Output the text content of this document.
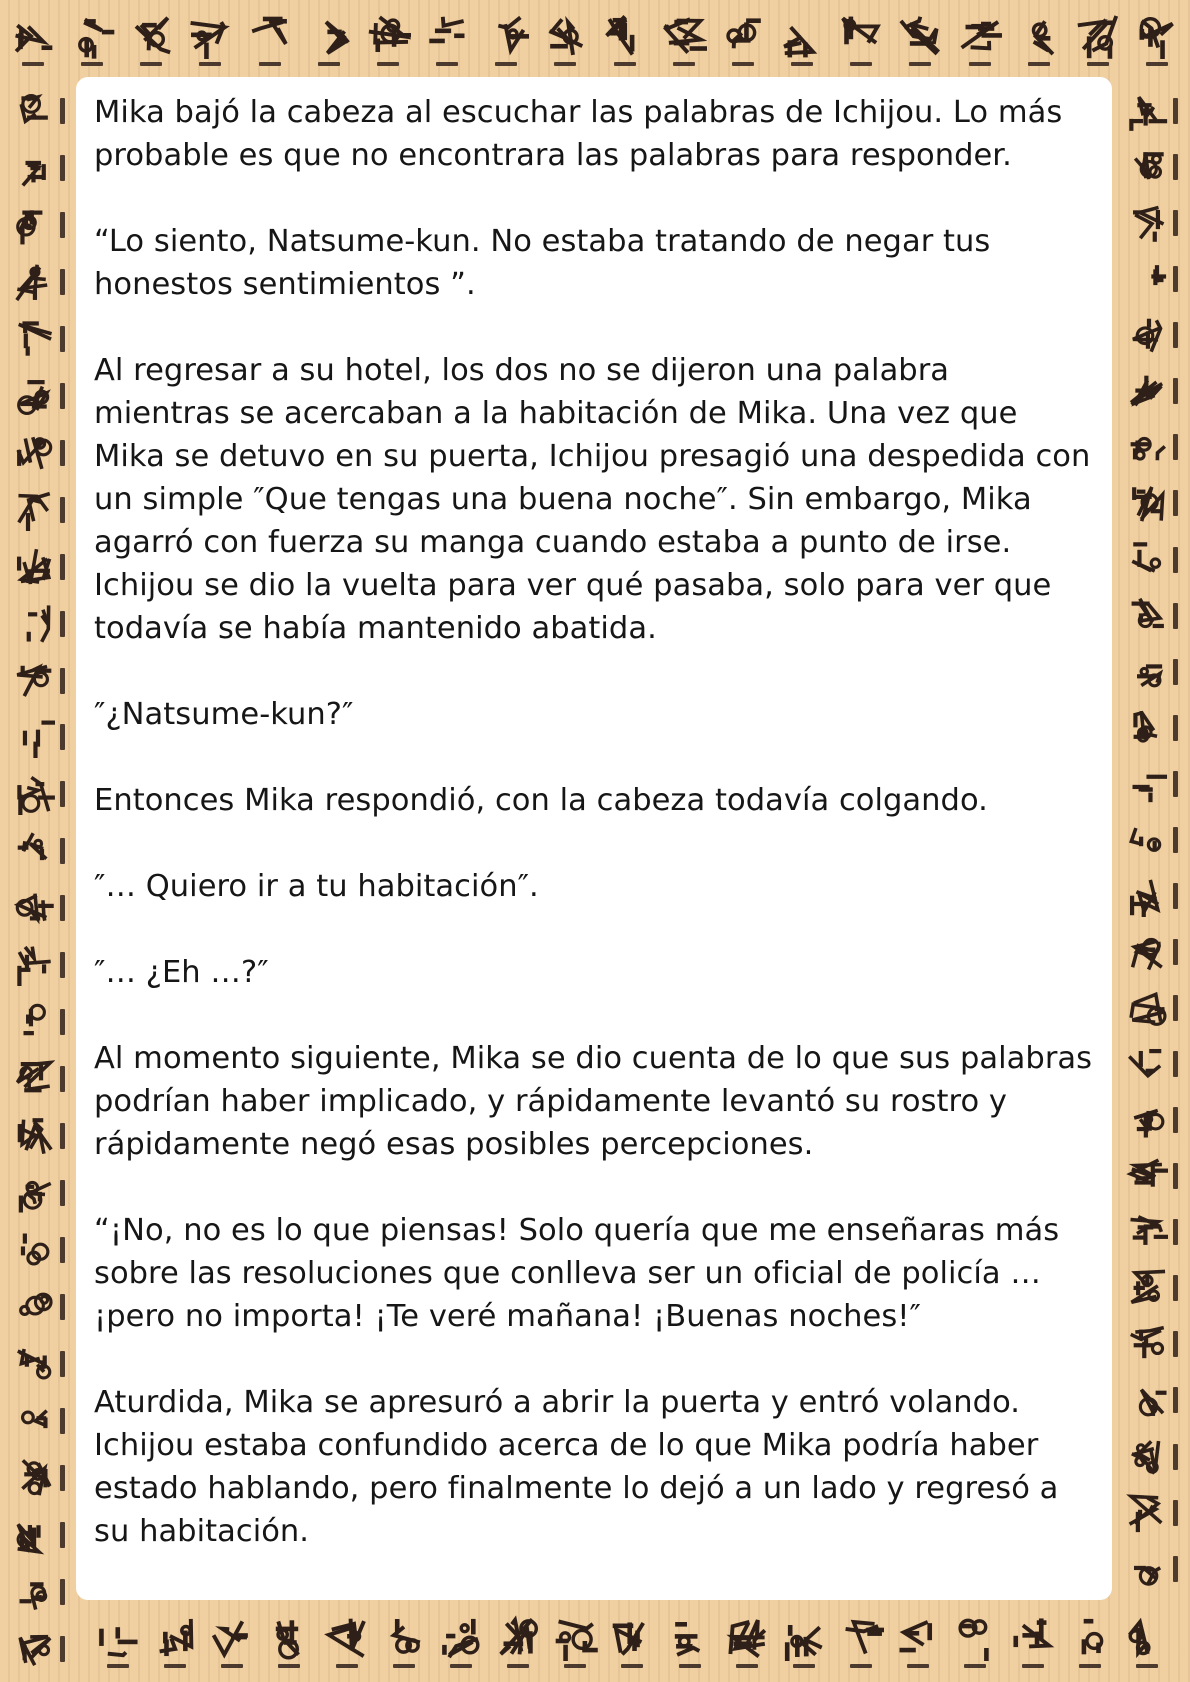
Mika bajó la cabeza al escuchar las palabras de Ichijou. Lo más probable es que no encontrara las palabras para responder.

“Lo siento, Natsume-kun. No estaba tratando de negar tus honestos sentimientos ”.

Al regresar a su hotel, los dos no se dijeron una palabra mientras se acercaban a la habitación de Mika. Una vez que Mika se detuvo en su puerta, Ichijou presagió una despedida con un simple ″Que tengas una buena noche″. Sin embargo, Mika agarró con fuerza su manga cuando estaba a punto de irse. Ichijou se dio la vuelta para ver qué pasaba, solo para ver que todavía se había mantenido abatida.

″¿Natsume-kun?″

Entonces Mika respondió, con la cabeza todavía colgando.

″… Quiero ir a tu habitación″.

″… ¿Eh …?″

Al momento siguiente, Mika se dio cuenta de lo que sus palabras podrían haber implicado, y rápidamente levantó su rostro y rápidamente negó esas posibles percepciones.

“¡No, no es lo que piensas! Solo quería que me enseñaras más sobre las resoluciones que conlleva ser un oficial de policía … ¡pero no importa! ¡Te veré mañana! ¡Buenas noches!″

Aturdida, Mika se apresuró a abrir la puerta y entró volando. Ichijou estaba confundido acerca de lo que Mika podría haber estado hablando, pero finalmente lo dejó a un lado y regresó a su habitación.
